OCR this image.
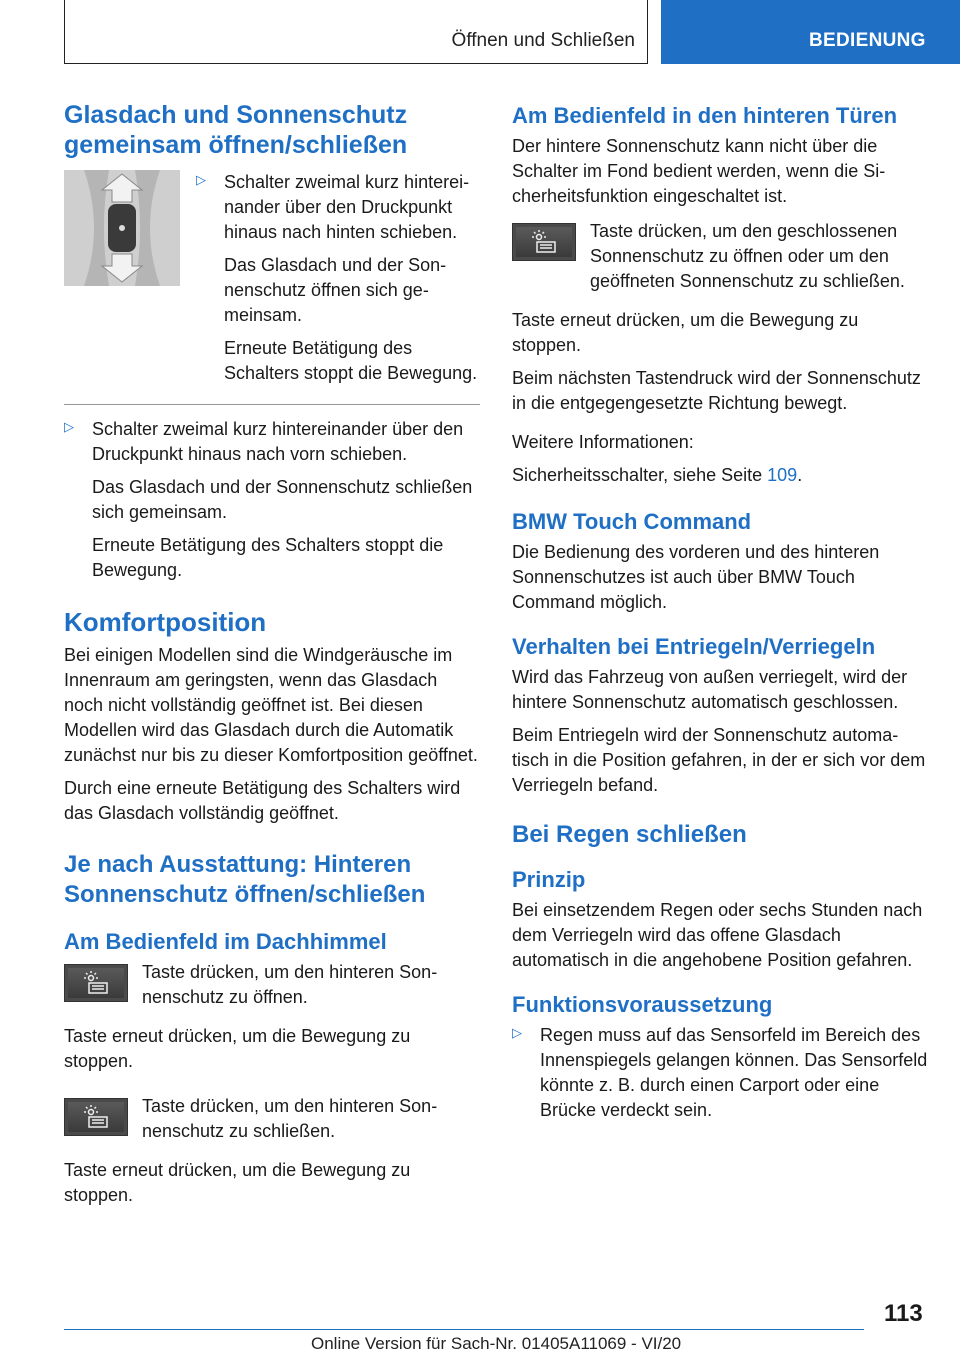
Öffnen und Schließen	BEDIENUNG
Glasdach und Sonnenschutz gemeinsam öffnen/schließen
▷ Schalter zweimal kurz hintereinander über den Druckpunkt hinaus nach hinten schieben.

Das Glasdach und der Sonnenschutz öffnen sich gemeinsam.

Erneute Betätigung des Schalters stoppt die Bewegung.

▷ Schalter zweimal kurz hintereinander über den Druckpunkt hinaus nach vorn schieben.

Das Glasdach und der Sonnenschutz schließen sich gemeinsam.

Erneute Betätigung des Schalters stoppt die Bewegung.

Komfortposition

Bei einigen Modellen sind die Windgeräusche im Innenraum am geringsten, wenn das Glasdach noch nicht vollständig geöffnet ist. Bei diesen Modellen wird das Glasdach durch die Automatik zunächst nur bis zu dieser Komfortposition geöffnet.

Durch eine erneute Betätigung des Schalters wird das Glasdach vollständig geöffnet.

Je nach Ausstattung: Hinteren Sonnenschutz öffnen/schließen
Am Bedienfeld im Dachhimmel

Taste drücken, um den hinteren Sonnenschutz zu öffnen.

Taste erneut drücken, um die Bewegung zu stoppen.

Taste drücken, um den hinteren Sonnenschutz zu schließen.

Taste erneut drücken, um die Bewegung zu stoppen.

Am Bedienfeld in den hinteren Türen

Der hintere Sonnenschutz kann nicht über die Schalter im Fond bedient werden, wenn die Sicherheitsfunktion eingeschaltet ist.

Taste drücken, um den geschlossenen Sonnenschutz zu öffnen oder um den geöffneten Sonnenschutz zu schließen.

Taste erneut drücken, um die Bewegung zu stoppen.

Beim nächsten Tastendruck wird der Sonnenschutz in die entgegengesetzte Richtung bewegt.

Weitere Informationen:

Sicherheitsschalter, siehe Seite 109.

BMW Touch Command

Die Bedienung des vorderen und des hinteren Sonnenschutzes ist auch über BMW Touch Command möglich.

Verhalten bei Entriegeln/Verriegeln

Wird das Fahrzeug von außen verriegelt, wird der hintere Sonnenschutz automatisch geschlossen.

Beim Entriegeln wird der Sonnenschutz automatisch in die Position gefahren, in der er sich vor dem Verriegeln befand.

Bei Regen schließen
Prinzip

Bei einsetzendem Regen oder sechs Stunden nach dem Verriegeln wird das offene Glasdach automatisch in die angehobene Position gefahren.

Funktionsvoraussetzung
▷ Regen muss auf das Sensorfeld im Bereich des Innenspiegels gelangen können. Das Sensorfeld könnte z. B. durch einen Carport oder eine Brücke verdeckt sein.

113
Online Version für Sach-Nr. 01405A11069 - VI/20
